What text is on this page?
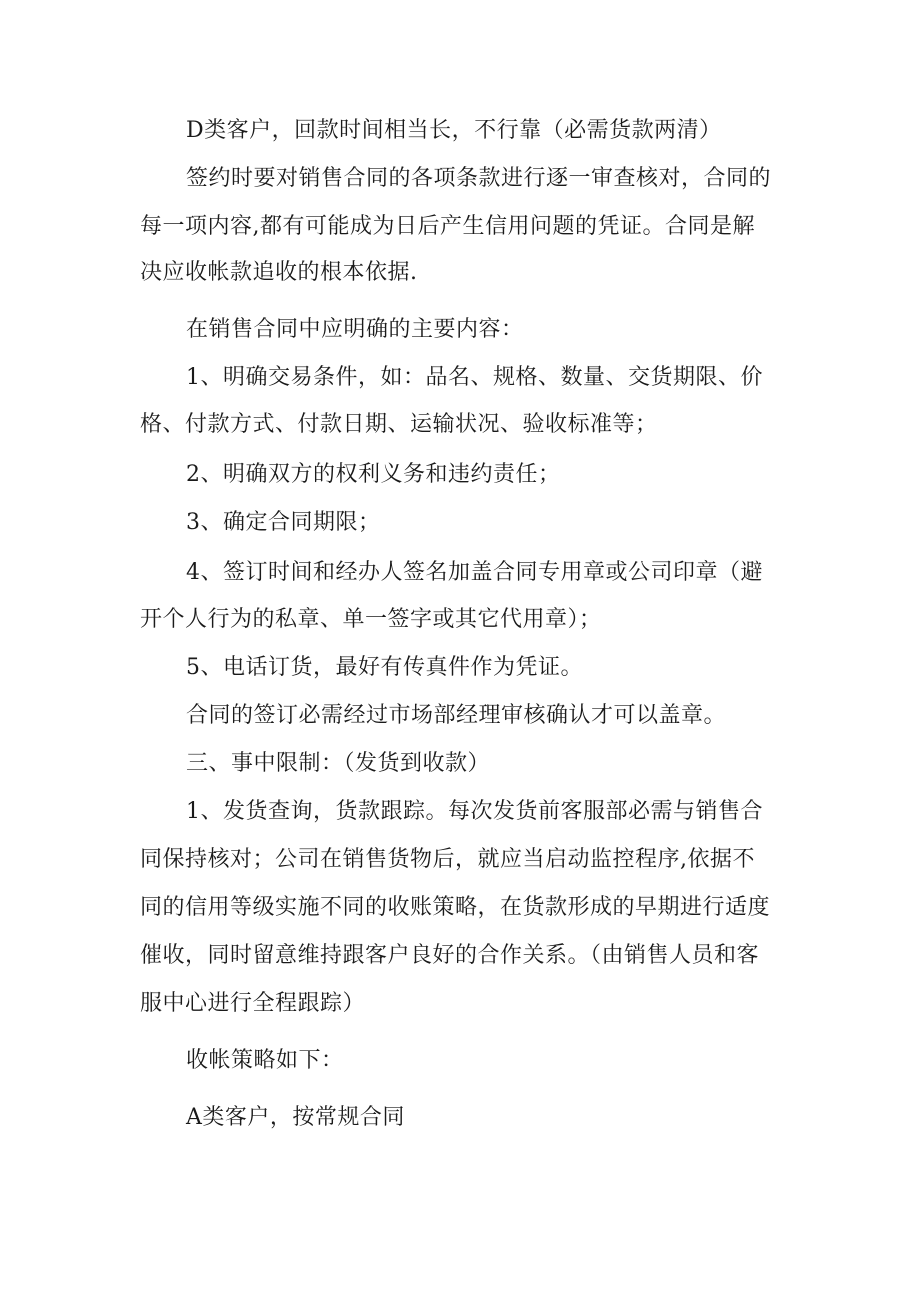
D类客户，回款时间相当长，不行靠（必需货款两清）
签约时要对销售合同的各项条款进行逐一审查核对，合同的
每一项内容,都有可能成为日后产生信用问题的凭证。合同是解
决应收帐款追收的根本依据.
在销售合同中应明确的主要内容：
1、明确交易条件，如：品名、规格、数量、交货期限、价
格、付款方式、付款日期、运输状况、验收标准等；
2、明确双方的权利义务和违约责任；
3、确定合同期限；
4、签订时间和经办人签名加盖合同专用章或公司印章（避
开个人行为的私章、单一签字或其它代用章）；
5、电话订货，最好有传真件作为凭证。
合同的签订必需经过市场部经理审核确认才可以盖章。
三、事中限制：（发货到收款）
1、发货查询，货款跟踪。每次发货前客服部必需与销售合
同保持核对；公司在销售货物后，就应当启动监控程序,依据不
同的信用等级实施不同的收账策略，在货款形成的早期进行适度
催收，同时留意维持跟客户良好的合作关系。（由销售人员和客
服中心进行全程跟踪）
收帐策略如下：
A类客户，按常规合同
